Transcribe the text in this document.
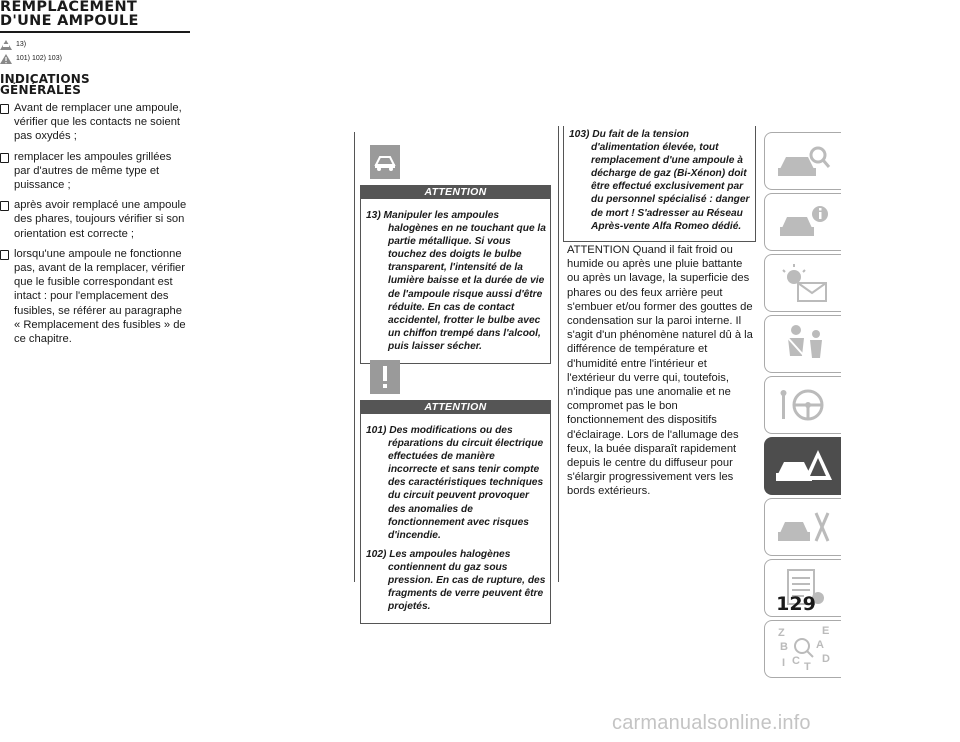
REMPLACEMENT
D'UNE AMPOULE
13)
101) 102) 103)
INDICATIONS
GÉNÉRALES
Avant de remplacer une ampoule, vérifier que les contacts ne soient pas oxydés ;
remplacer les ampoules grillées par d'autres de même type et puissance ;
après avoir remplacé une ampoule des phares, toujours vérifier si son orientation est correcte ;
lorsqu'une ampoule ne fonctionne pas, avant de la remplacer, vérifier que le fusible correspondant est intact : pour l'emplacement des fusibles, se référer au paragraphe « Remplacement des fusibles » de ce chapitre.
ATTENTION

13) Manipuler les ampoules halogènes en ne touchant que la partie métallique. Si vous touchez des doigts le bulbe transparent, l'intensité de la lumière baisse et la durée de vie de l'ampoule risque aussi d'être réduite. En cas de contact accidentel, frotter le bulbe avec un chiffon trempé dans l'alcool, puis laisser sécher.

ATTENTION

101) Des modifications ou des réparations du circuit électrique effectuées de manière incorrecte et sans tenir compte des caractéristiques techniques du circuit peuvent provoquer des anomalies de fonctionnement avec risques d'incendie.

102) Les ampoules halogènes contiennent du gaz sous pression. En cas de rupture, des fragments de verre peuvent être projetés.

103) Du fait de la tension d'alimentation élevée, tout remplacement d'une ampoule à décharge de gaz (Bi-Xénon) doit être effectué exclusivement par du personnel spécialisé : danger de mort ! S'adresser au Réseau Après-vente Alfa Romeo dédié.

ATTENTION Quand il fait froid ou humide ou après une pluie battante ou après un lavage, la superficie des phares ou des feux arrière peut s'embuer et/ou former des gouttes de condensation sur la paroi interne. Il s'agit d'un phénomène naturel dû à la différence de température et d'humidité entre l'intérieur et l'extérieur du verre qui, toutefois, n'indique pas une anomalie et ne compromet pas le bon fonctionnement des dispositifs d'éclairage. Lors de l'allumage des feux, la buée disparaît rapidement depuis le centre du diffuseur pour s'élargir progressivement vers les bords extérieurs.

Z	E
B	A
C D
I T
129
carmanualsonline.info
